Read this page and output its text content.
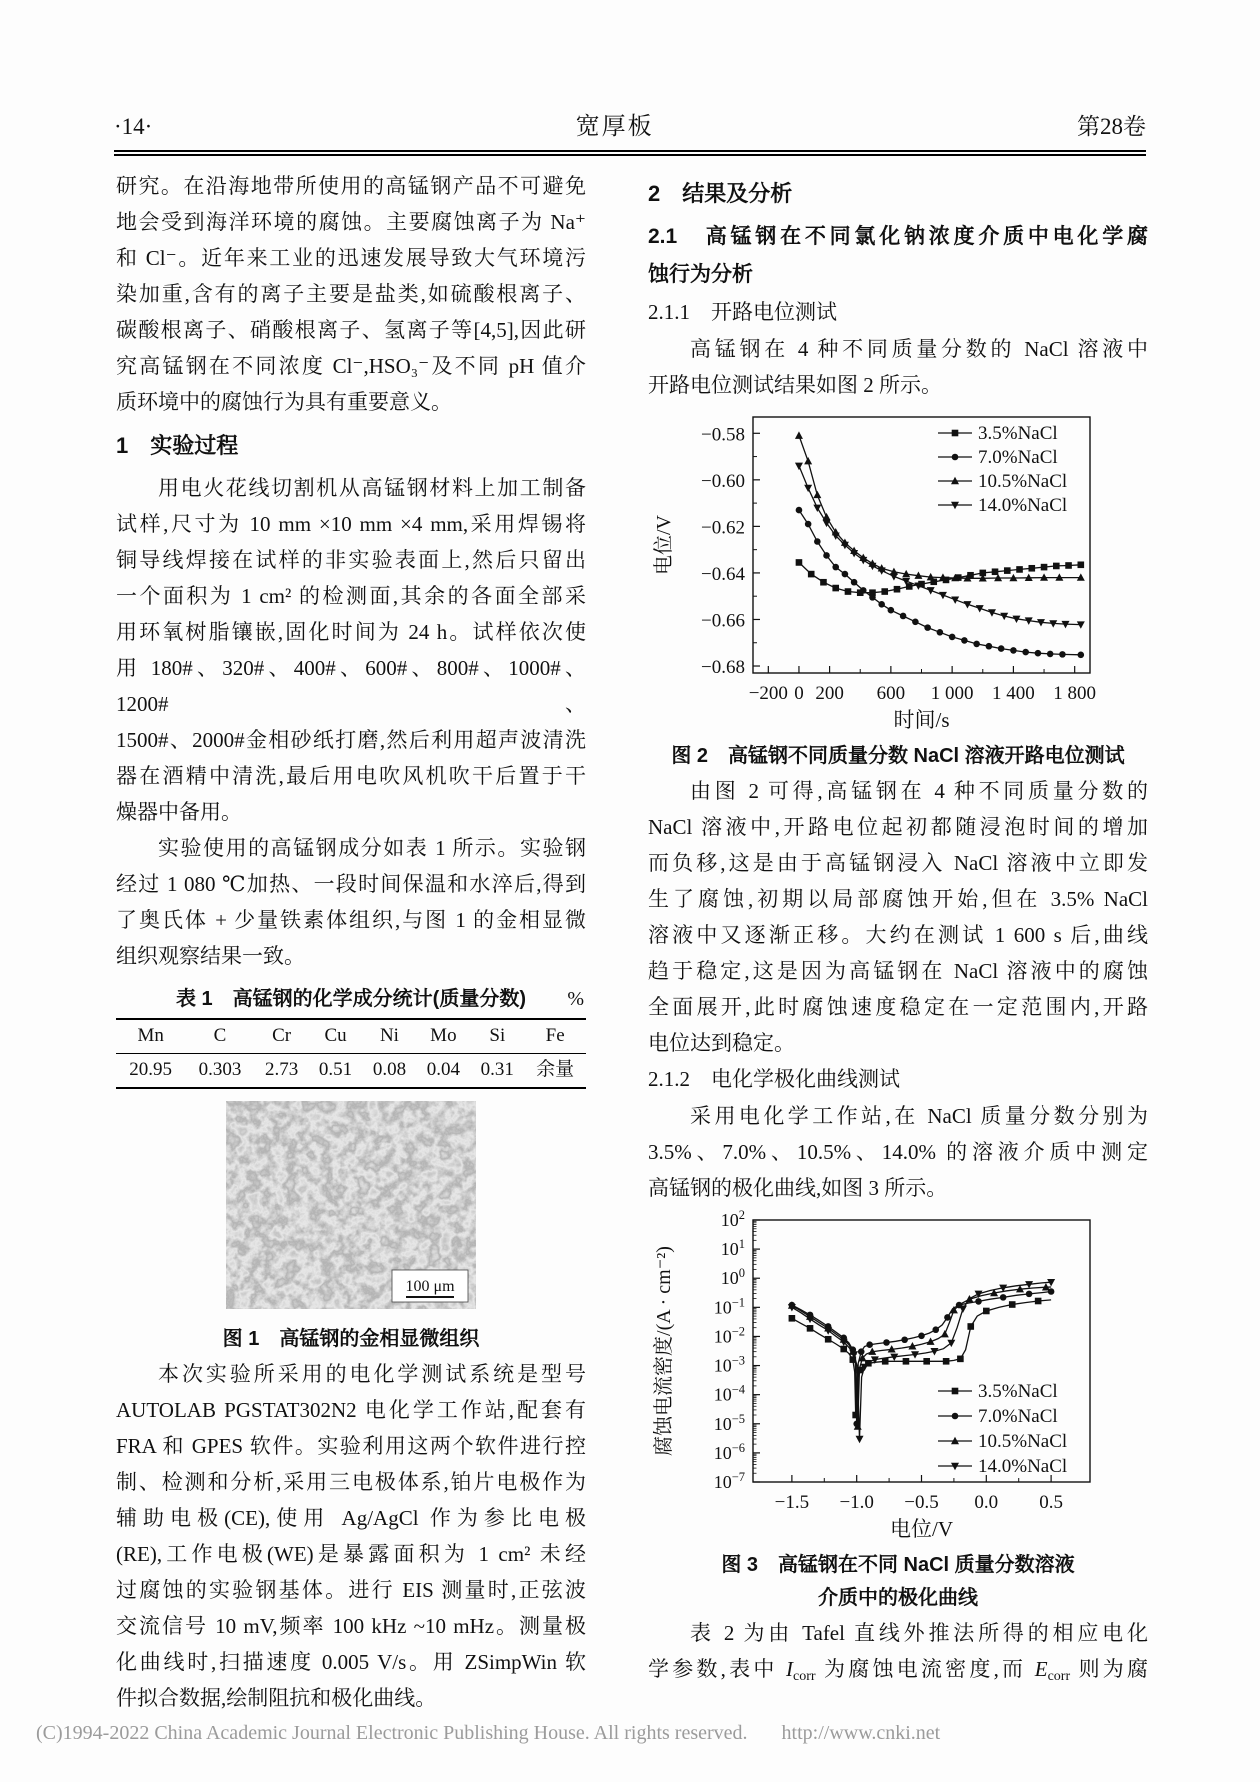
·14·	宽厚板	第28卷
研究。在沿海地带所使用的高锰钢产品不可避免
地会受到海洋环境的腐蚀。主要腐蚀离子为 Na⁺
和 Cl⁻。近年来工业的迅速发展导致大气环境污
染加重,含有的离子主要是盐类,如硫酸根离子、
碳酸根离子、硝酸根离子、氢离子等[4,5],因此研
究高锰钢在不同浓度 Cl⁻,HSO₃⁻及不同 pH 值介
质环境中的腐蚀行为具有重要意义。
1　实验过程
用电火花线切割机从高锰钢材料上加工制备
试样,尺寸为 10 mm ×10 mm ×4 mm,采用焊锡将
铜导线焊接在试样的非实验表面上,然后只留出
一个面积为 1 cm² 的检测面,其余的各面全部采
用环氧树脂镶嵌,固化时间为 24 h。试样依次使
用 180#、320#、400#、600#、800#、1000#、1200#、
1500#、2000#金相砂纸打磨,然后利用超声波清洗
器在酒精中清洗,最后用电吹风机吹干后置于干
燥器中备用。
实验使用的高锰钢成分如表 1 所示。实验钢
经过 1 080 ℃加热、一段时间保温和水淬后,得到
了奥氏体 + 少量铁素体组织,与图 1 的金相显微
组织观察结果一致。
表 1　高锰钢的化学成分统计(质量分数) %
Mn	C	Cr	Cu	Ni	Mo	Si	Fe
20.95	0.303	2.73	0.51	0.08	0.04	0.31	余量
100 μm
图 1　高锰钢的金相显微组织
本次实验所采用的电化学测试系统是型号
AUTOLAB PGSTAT302N2 电化学工作站,配套有
FRA 和 GPES 软件。实验利用这两个软件进行控
制、检测和分析,采用三电极体系,铂片电极作为
辅助电极(CE),使用 Ag/AgCl 作为参比电极
(RE),工作电极(WE)是暴露面积为 1 cm² 未经
过腐蚀的实验钢基体。进行 EIS 测量时,正弦波
交流信号 10 mV,频率 100 kHz ~10 mHz。测量极
化曲线时,扫描速度 0.005 V/s。用 ZSimpWin 软
件拟合数据,绘制阻抗和极化曲线。
2　结果及分析
2.1　高锰钢在不同氯化钠浓度介质中电化学腐
蚀行为分析
2.1.1　开路电位测试
高锰钢在 4 种不同质量分数的 NaCl 溶液中
开路电位测试结果如图 2 所示。
−200 0 200 600 1 000 1 400 1 800
−0.58
−0.60
−0.62
−0.64
−0.66
−0.68
时间/s
电位/V
3.5%NaCl
7.0%NaCl
10.5%NaCl
14.0%NaCl
图 2　高锰钢不同质量分数 NaCl 溶液开路电位测试
由图 2 可得,高锰钢在 4 种不同质量分数的
NaCl 溶液中,开路电位起初都随浸泡时间的增加
而负移,这是由于高锰钢浸入 NaCl 溶液中立即发
生了腐蚀,初期以局部腐蚀开始,但在 3.5% NaCl
溶液中又逐渐正移。大约在测试 1 600 s 后,曲线
趋于稳定,这是因为高锰钢在 NaCl 溶液中的腐蚀
全面展开,此时腐蚀速度稳定在一定范围内,开路
电位达到稳定。
2.1.2　电化学极化曲线测试
采用电化学工作站,在 NaCl 质量分数分别为
3.5%、7.0%、10.5%、14.0% 的溶液介质中测定
高锰钢的极化曲线,如图 3 所示。
−1.5 −1.0 −0.5 0.0 0.5
$10^2$
$10^1$
$10^0$
$10^{-1}$
$10^{-2}$
$10^{-3}$
$10^{-4}$
$10^{-5}$
$10^{-6}$
$10^{-7}$
电位/V
腐蚀电流密度/(A · cm⁻²)	3.5%NaCl
7.0%NaCl
10.5%NaCl
14.0%NaCl
图 3　高锰钢在不同 NaCl 质量分数溶液
介质中的极化曲线
表 2 为由 Tafel 直线外推法所得的相应电化
学参数,表中 Icorr 为腐蚀电流密度,而 Ecorr 则为腐
(C)1994-2022 China Academic Journal Electronic Publishing House. All rights reserved. http://www.cnki.net
